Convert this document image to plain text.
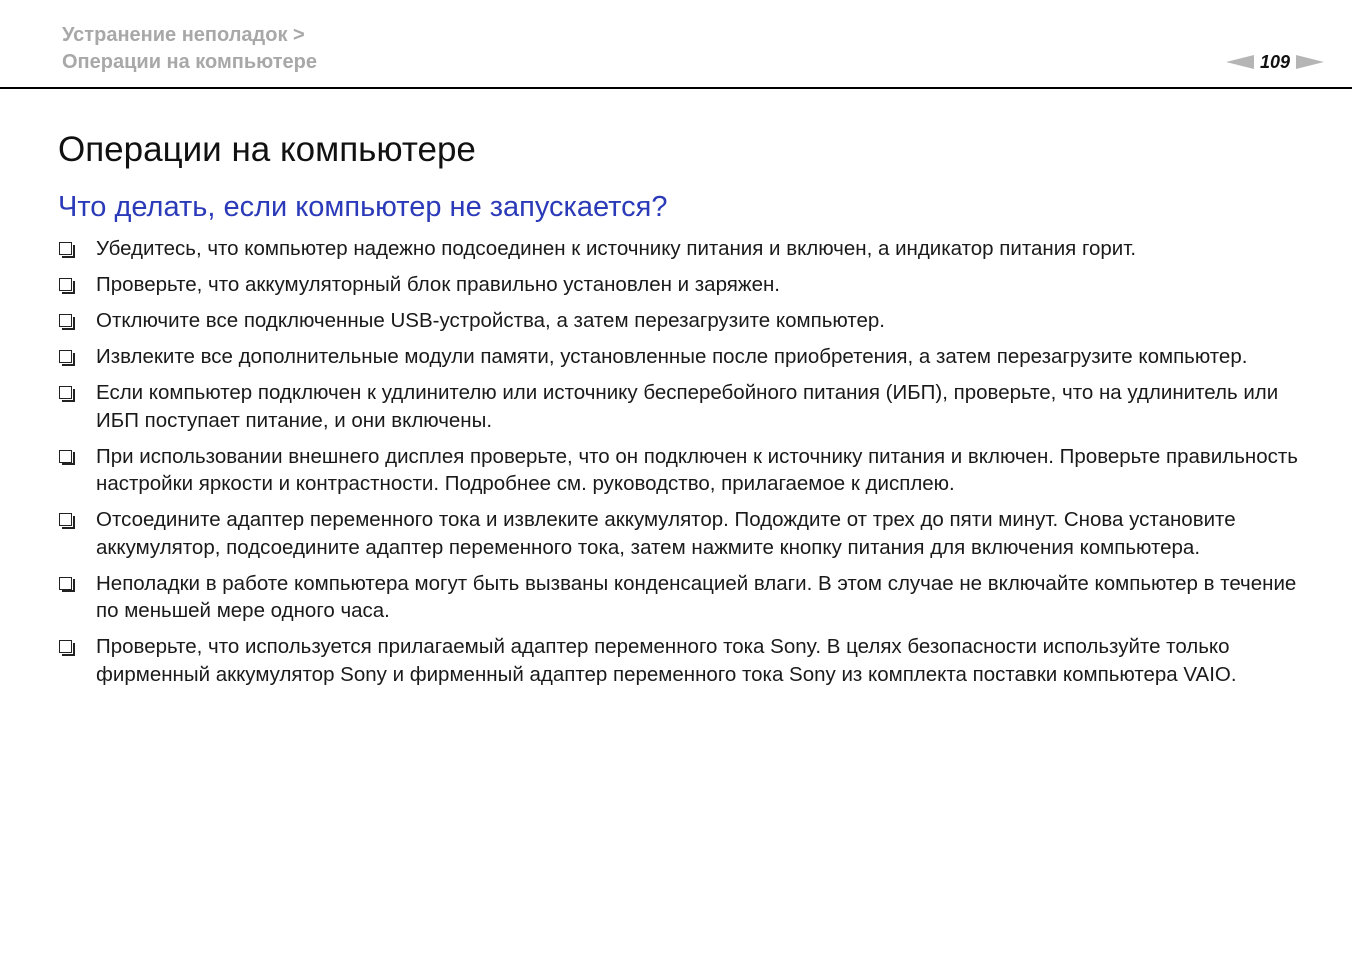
Устранение неполадок >
Операции на компьютере	109
Операции на компьютере
Что делать, если компьютер не запускается?
Убедитесь, что компьютер надежно подсоединен к источнику питания и включен, а индикатор питания горит.
Проверьте, что аккумуляторный блок правильно установлен и заряжен.
Отключите все подключенные USB-устройства, а затем перезагрузите компьютер.
Извлеките все дополнительные модули памяти, установленные после приобретения, а затем перезагрузите компьютер.
Если компьютер подключен к удлинителю или источнику бесперебойного питания (ИБП), проверьте, что на удлинитель или ИБП поступает питание, и они включены.
При использовании внешнего дисплея проверьте, что он подключен к источнику питания и включен. Проверьте правильность настройки яркости и контрастности. Подробнее см. руководство, прилагаемое к дисплею.
Отсоедините адаптер переменного тока и извлеките аккумулятор. Подождите от трех до пяти минут. Снова установите аккумулятор, подсоедините адаптер переменного тока, затем нажмите кнопку питания для включения компьютера.
Неполадки в работе компьютера могут быть вызваны конденсацией влаги. В этом случае не включайте компьютер в течение по меньшей мере одного часа.
Проверьте, что используется прилагаемый адаптер переменного тока Sony. В целях безопасности используйте только фирменный аккумулятор Sony и фирменный адаптер переменного тока Sony из комплекта поставки компьютера VAIO.
